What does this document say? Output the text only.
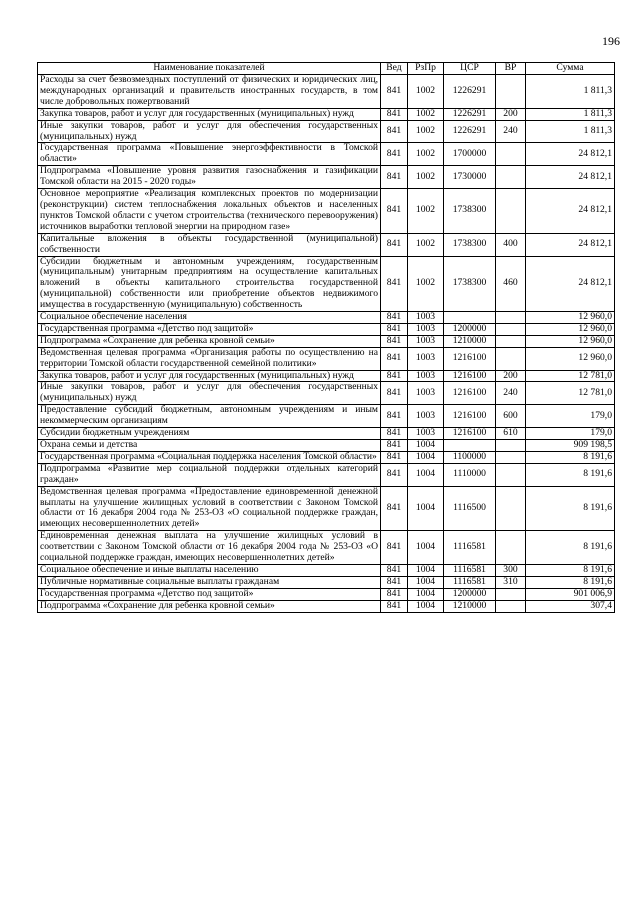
196
Наименование показателей	Вед	РзПр	ЦСР	ВР	Сумма
Расходы за счет безвозмездных поступлений от физических и юридических лиц, международных организаций и правительств иностранных государств, в том числе добровольных пожертвований	841	1002	1226291		1 811,3
Закупка товаров, работ и услуг для государственных (муниципальных) нужд	841	1002	1226291	200	1 811,3
Иные закупки товаров, работ и услуг для обеспечения государственных (муниципальных) нужд	841	1002	1226291	240	1 811,3
Государственная программа «Повышение энергоэффективности в Томской области»	841	1002	1700000		24 812,1
Подпрограмма «Повышение уровня развития газоснабжения и газификации Томской области на 2015 - 2020 годы»	841	1002	1730000		24 812,1
Основное мероприятие «Реализация комплексных проектов по модернизации (реконструкции) систем теплоснабжения локальных объектов и населенных пунктов Томской области с учетом строительства (технического перевооружения) источников выработки тепловой энергии на природном газе»	841	1002	1738300		24 812,1
Капитальные вложения в объекты государственной (муниципальной) собственности	841	1002	1738300	400	24 812,1
Субсидии бюджетным и автономным учреждениям, государственным (муниципальным) унитарным предприятиям на осуществление капитальных вложений в объекты капитального строительства государственной (муниципальной) собственности или приобретение объектов недвижимого имущества в государственную (муниципальную) собственность	841	1002	1738300	460	24 812,1
Социальное обеспечение населения	841	1003			12 960,0
Государственная программа «Детство под защитой»	841	1003	1200000		12 960,0
Подпрограмма «Сохранение для ребенка кровной семьи»	841	1003	1210000		12 960,0
Ведомственная целевая программа «Организация работы по осуществлению на территории Томской области государственной семейной политики»	841	1003	1216100		12 960,0
Закупка товаров, работ и услуг для государственных (муниципальных) нужд	841	1003	1216100	200	12 781,0
Иные закупки товаров, работ и услуг для обеспечения государственных (муниципальных) нужд	841	1003	1216100	240	12 781,0
Предоставление субсидий бюджетным, автономным учреждениям и иным некоммерческим организациям	841	1003	1216100	600	179,0
Субсидии бюджетным учреждениям	841	1003	1216100	610	179,0
Охрана семьи и детства	841	1004			909 198,5
Государственная программа «Социальная поддержка населения Томской области»	841	1004	1100000		8 191,6
Подпрограмма «Развитие мер социальной поддержки отдельных категорий граждан»	841	1004	1110000		8 191,6
Ведомственная целевая программа «Предоставление единовременной денежной выплаты на улучшение жилищных условий в соответствии с Законом Томской области от 16 декабря 2004 года № 253-ОЗ «О социальной поддержке граждан, имеющих несовершеннолетних детей»	841	1004	1116500		8 191,6
Единовременная денежная выплата на улучшение жилищных условий в соответствии с Законом Томской области от 16 декабря 2004 года № 253-ОЗ «О социальной поддержке граждан, имеющих несовершеннолетних детей»	841	1004	1116581		8 191,6
Социальное обеспечение и иные выплаты населению	841	1004	1116581	300	8 191,6
Публичные нормативные социальные выплаты гражданам	841	1004	1116581	310	8 191,6
Государственная программа «Детство под защитой»	841	1004	1200000		901 006,9
Подпрограмма «Сохранение для ребенка кровной семьи»	841	1004	1210000		307,4
